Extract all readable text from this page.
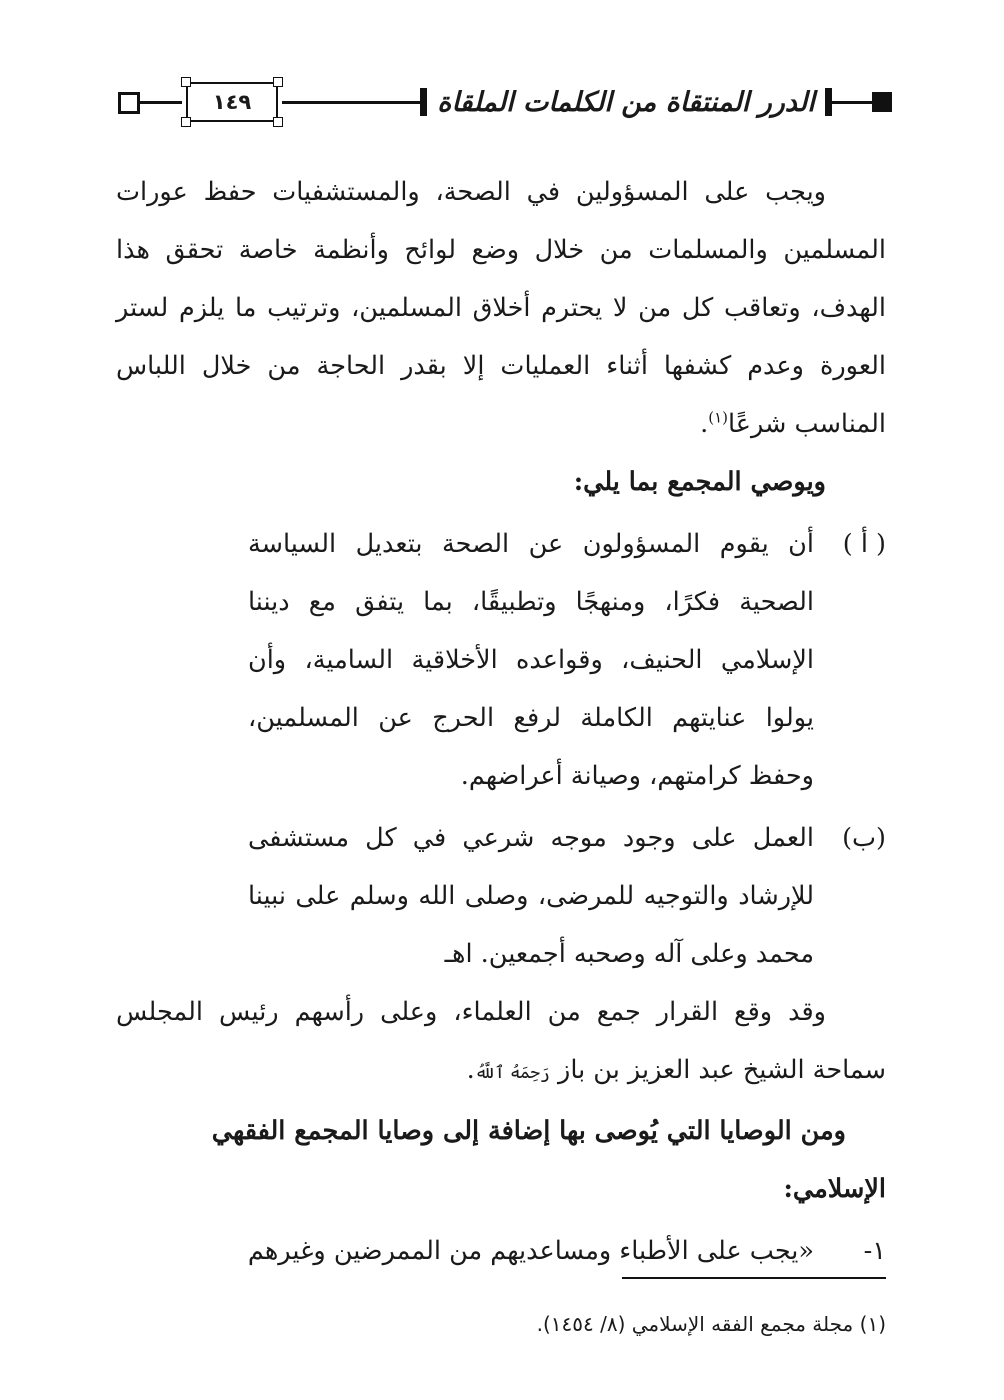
١٤٩	الدرر المنتقاة من الكلمات الملقاة

ويجب على المسؤولين في الصحة، والمستشفيات حفظ عورات المسلمين والمسلمات من خلال وضع لوائح وأنظمة خاصة تحقق هذا الهدف، وتعاقب كل من لا يحترم أخلاق المسلمين، وترتيب ما يلزم لستر العورة وعدم كشفها أثناء العمليات إلا بقدر الحاجة من خلال اللباس المناسب شرعًا$^{(١)}$.

ويوصي المجمع بما يلي:

( أ )
أن يقوم المسؤولون عن الصحة بتعديل السياسة الصحية فكرًا، ومنهجًا وتطبيقًا، بما يتفق مع ديننا الإسلامي الحنيف، وقواعده الأخلاقية السامية، وأن يولوا عنايتهم الكاملة لرفع الحرج عن المسلمين، وحفظ كرامتهم، وصيانة أعراضهم.
(ب)
العمل على وجود موجه شرعي في كل مستشفى للإرشاد والتوجيه للمرضى، وصلى الله وسلم على نبينا محمد وعلى آله وصحبه أجمعين. اهـ

وقد وقع القرار جمع من العلماء، وعلى رأسهم رئيس المجلس سماحة الشيخ عبد العزيز بن باز رَحِمَهُ ٱللَّهُ.

ومن الوصايا التي يُوصى بها إضافة إلى وصايا المجمع الفقهي الإسلامي:

١-
«يجب على الأطباء ومساعديهم من الممرضين وغيرهم
(١) مجلة مجمع الفقه الإسلامي (٨/ ١٤٥٤).
